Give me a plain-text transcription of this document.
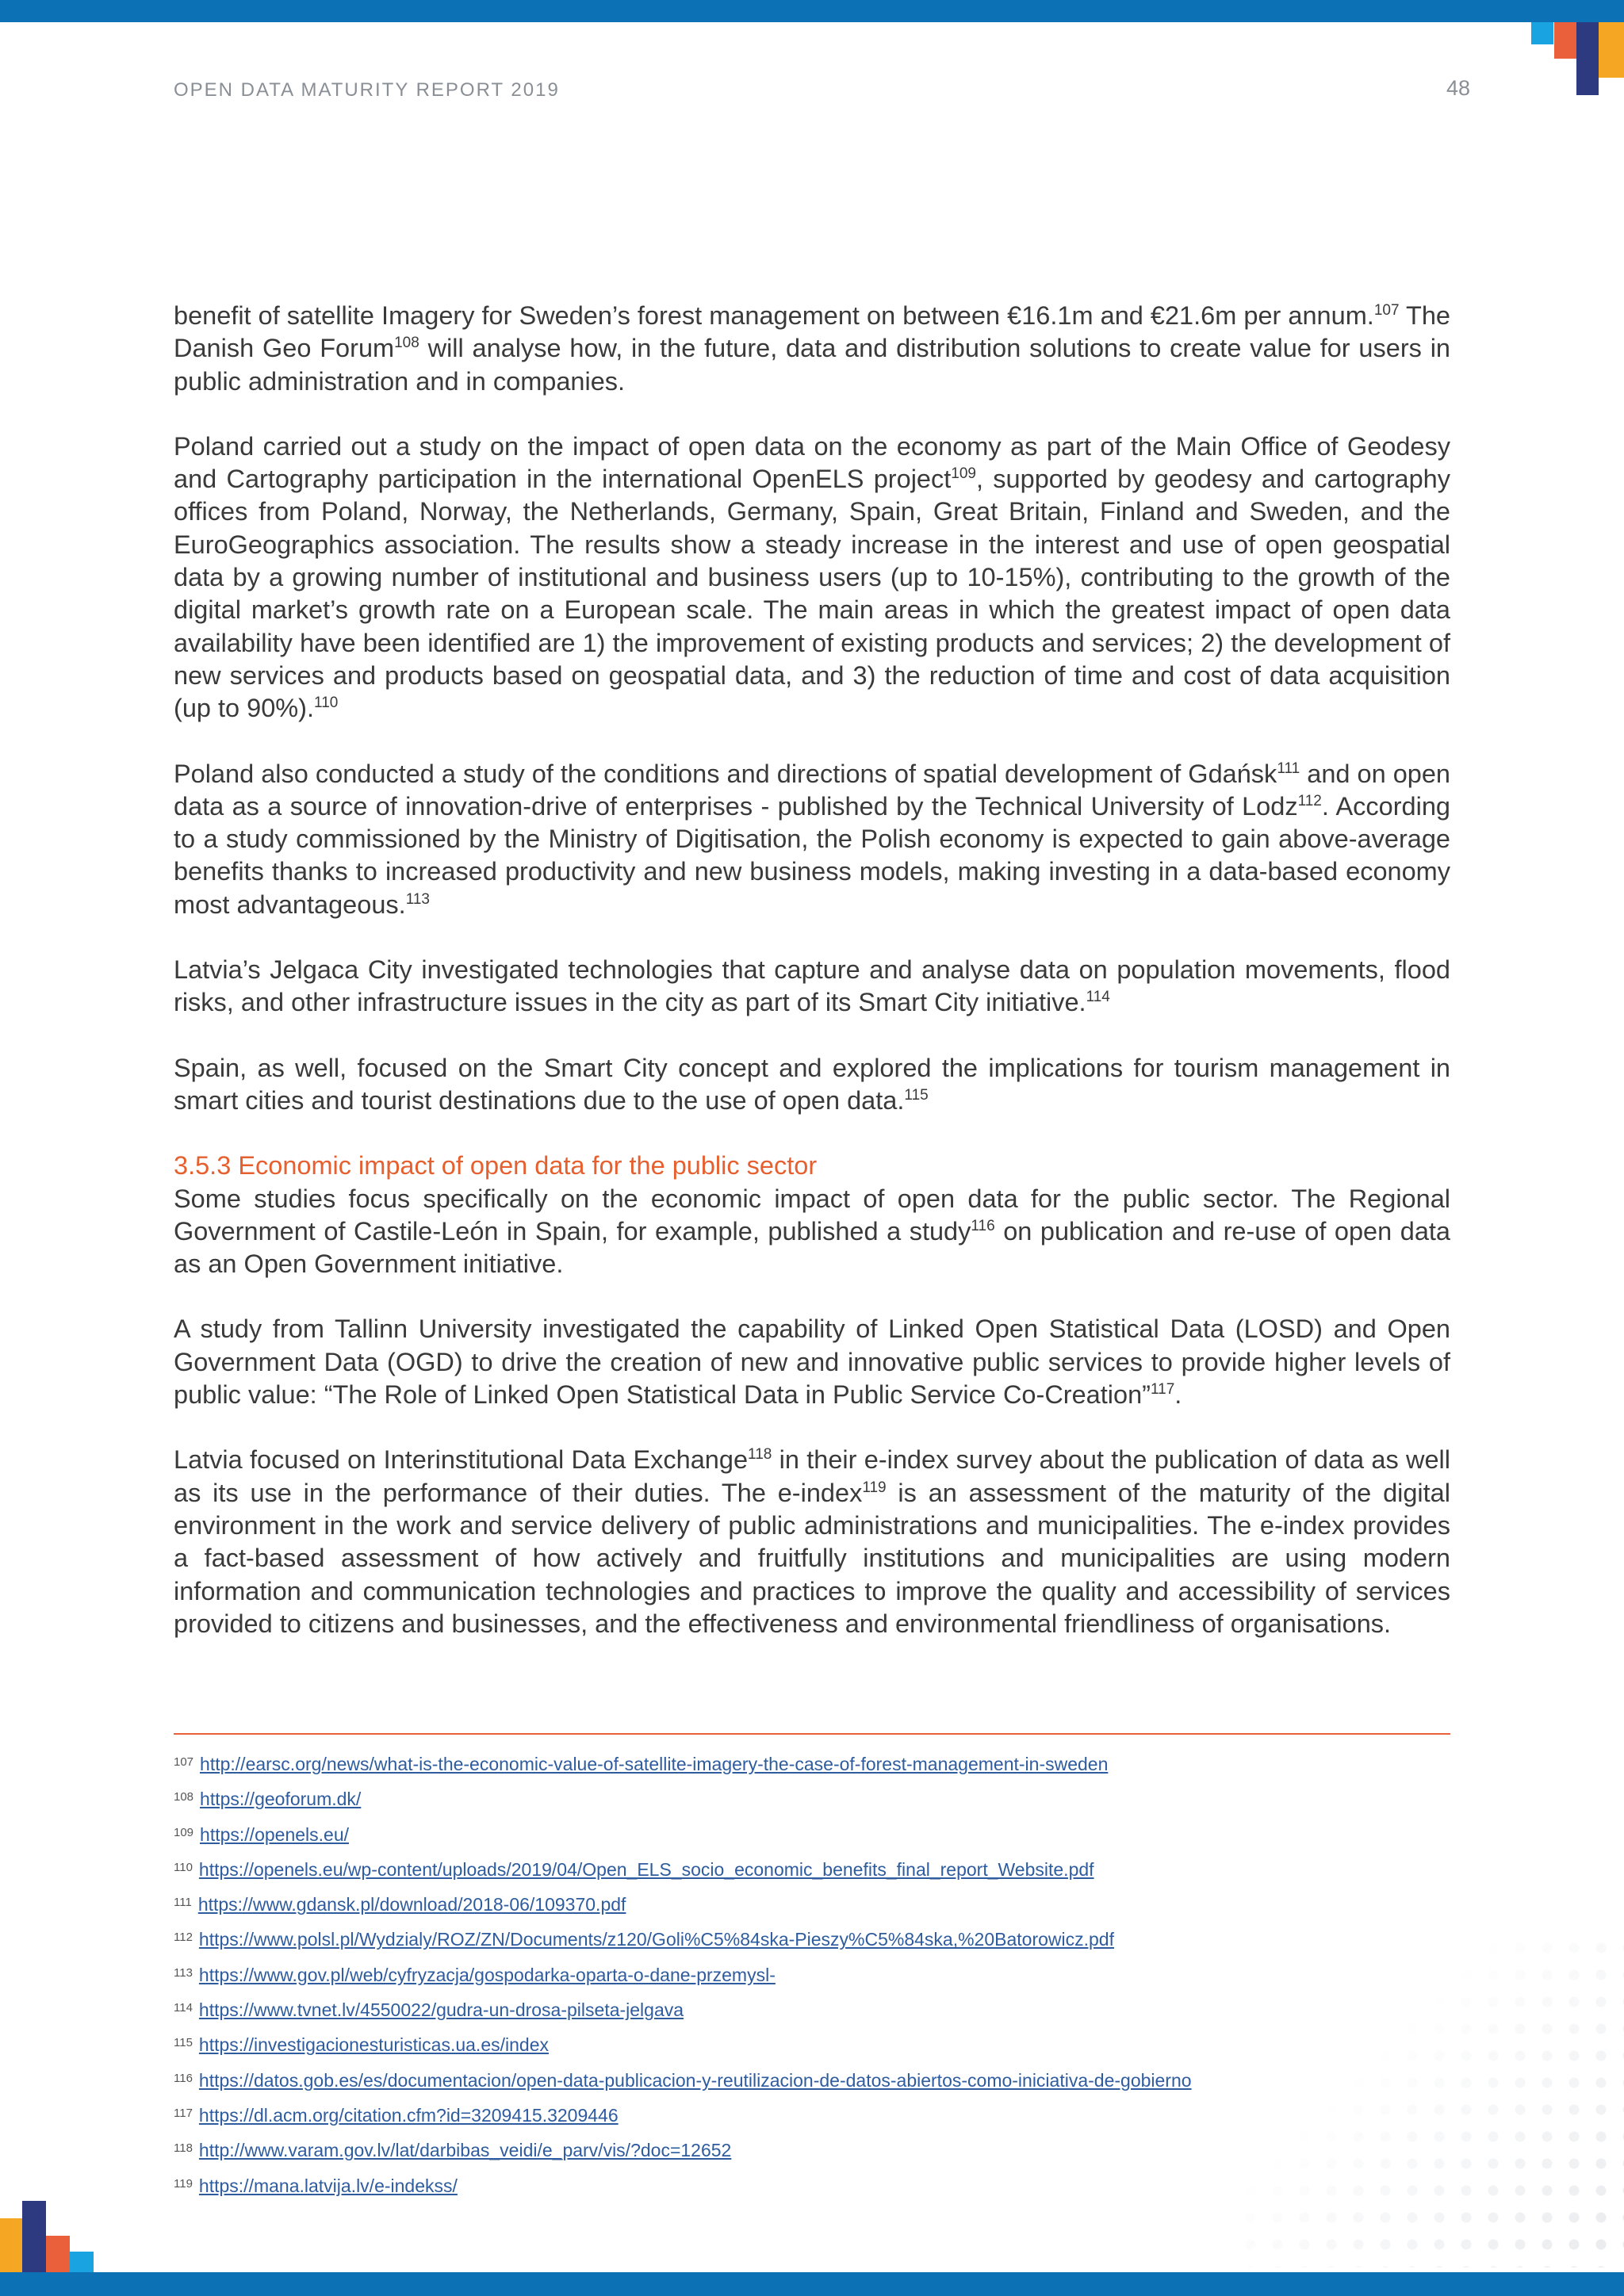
OPEN DATA MATURITY REPORT 2019	48

benefit of satellite Imagery for Sweden’s forest management on between €16.1m and €21.6m per annum.$^{107}$ The Danish Geo Forum$^{108}$ will analyse how, in the future, data and distribution solutions to create value for users in public administration and in companies.

Poland carried out a study on the impact of open data on the economy as part of the Main Office of Geodesy and Cartography participation in the international OpenELS project$^{109}$, supported by geodesy and cartography offices from Poland, Norway, the Netherlands, Germany, Spain, Great Britain, Finland and Sweden, and the EuroGeographics association. The results show a steady increase in the interest and use of open geospatial data by a growing number of institutional and business users (up to 10-15%), contributing to the growth of the digital market’s growth rate on a European scale. The main areas in which the greatest impact of open data availability have been identified are 1) the improvement of existing products and services; 2) the development of new services and products based on geospatial data, and 3) the reduction of time and cost of data acquisition (up to 90%).$^{110}$

Poland also conducted a study of the conditions and directions of spatial development of Gdańsk$^{111}$ and on open data as a source of innovation-drive of enterprises - published by the Technical University of Lodz$^{112}$. According to a study commissioned by the Ministry of Digitisation, the Polish economy is expected to gain above-average benefits thanks to increased productivity and new business models, making investing in a data-based economy most advantageous.$^{113}$

Latvia’s Jelgaca City investigated technologies that capture and analyse data on population movements, flood risks, and other infrastructure issues in the city as part of its Smart City initiative.$^{114}$

Spain, as well, focused on the Smart City concept and explored the implications for tourism management in smart cities and tourist destinations due to the use of open data.$^{115}$

3.5.3 Economic impact of open data for the public sector

Some studies focus specifically on the economic impact of open data for the public sector. The Regional Government of Castile-León in Spain, for example, published a study$^{116}$ on publication and re-use of open data as an Open Government initiative.

A study from Tallinn University investigated the capability of Linked Open Statistical Data (LOSD) and Open Government Data (OGD) to drive the creation of new and innovative public services to provide higher levels of public value: “The Role of Linked Open Statistical Data in Public Service Co-Creation”$^{117}$.

Latvia focused on Interinstitutional Data Exchange$^{118}$ in their e-index survey about the publication of data as well as its use in the performance of their duties. The e-index$^{119}$ is an assessment of the maturity of the digital environment in the work and service delivery of public administrations and municipalities. The e-index provides a fact-based assessment of how actively and fruitfully institutions and municipalities are using modern information and communication technologies and practices to improve the quality and accessibility of services provided to citizens and businesses, and the effectiveness and environmental friendliness of organisations.

$^{107}$ http://earsc.org/news/what-is-the-economic-value-of-satellite-imagery-the-case-of-forest-management-in-sweden
$^{108}$ https://geoforum.dk/
$^{109}$ https://openels.eu/
$^{110}$ https://openels.eu/wp-content/uploads/2019/04/Open_ELS_socio_economic_benefits_final_report_Website.pdf
$^{111}$ https://www.gdansk.pl/download/2018-06/109370.pdf
$^{112}$ https://www.polsl.pl/Wydzialy/ROZ/ZN/Documents/z120/Goli%C5%84ska-Pieszy%C5%84ska,%20Batorowicz.pdf
$^{113}$ https://www.gov.pl/web/cyfryzacja/gospodarka-oparta-o-dane-przemysl-
$^{114}$ https://www.tvnet.lv/4550022/gudra-un-drosa-pilseta-jelgava
$^{115}$ https://investigacionesturisticas.ua.es/index
$^{116}$ https://datos.gob.es/es/documentacion/open-data-publicacion-y-reutilizacion-de-datos-abiertos-como-iniciativa-de-gobierno
$^{117}$ https://dl.acm.org/citation.cfm?id=3209415.3209446
$^{118}$ http://www.varam.gov.lv/lat/darbibas_veidi/e_parv/vis/?doc=12652
$^{119}$ https://mana.latvija.lv/e-indekss/
